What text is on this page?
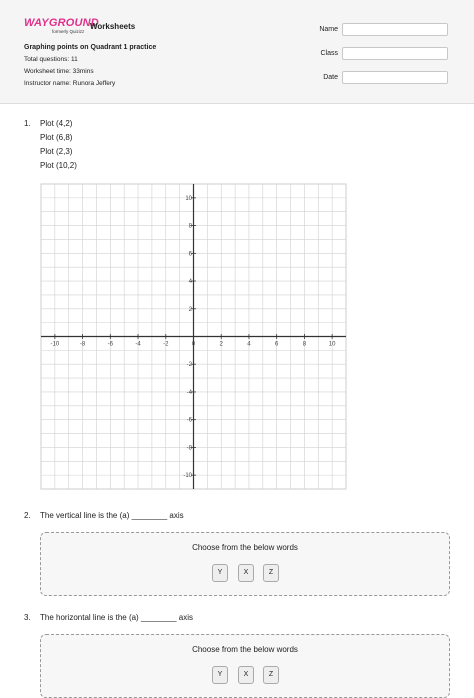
WAYGROUND
formerly Quizizz
Worksheets
Graphing points on Quadrant 1 practice
Total questions: 11
Worksheet time: 33mins
Instructor name: Runora Jeffery
Name
Class
Date
1. Plot (4,2)
Plot (6,8)
Plot (2,3)
Plot (10,2)
-10	-8	-6	-4	-2	0	2	4	6	8	10
10
8
6
4
2
-2
-4
-6
-8
-10
2. The vertical line is the (a) ________ axis
Choose from the below words
Y	X	Z
3. The horizontal line is the (a) ________ axis
Choose from the below words
Y	X	Z
